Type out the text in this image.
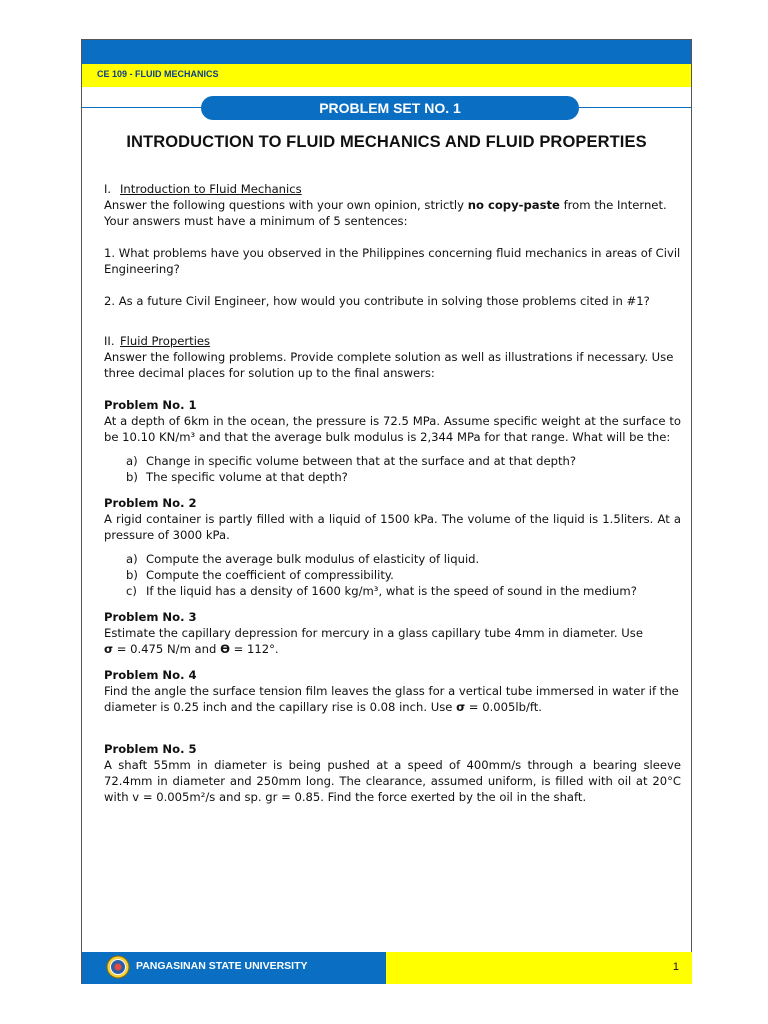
CE 109 - FLUID MECHANICS
PROBLEM SET NO. 1
INTRODUCTION TO FLUID MECHANICS AND FLUID PROPERTIES

I. Introduction to Fluid Mechanics

Answer the following questions with your own opinion, strictly no copy-paste from the Internet. Your answers must have a minimum of 5 sentences:

1. What problems have you observed in the Philippines concerning fluid mechanics in areas of Civil Engineering?

2. As a future Civil Engineer, how would you contribute in solving those problems cited in #1?

II. Fluid Properties

Answer the following problems. Provide complete solution as well as illustrations if necessary. Use three decimal places for solution up to the final answers:

Problem No. 1

At a depth of 6km in the ocean, the pressure is 72.5 MPa. Assume specific weight at the surface to be 10.10 KN/m³ and that the average bulk modulus is 2,344 MPa for that range. What will be the:

a) Change in specific volume between that at the surface and at that depth?
b) The specific volume at that depth?

Problem No. 2

A rigid container is partly filled with a liquid of 1500 kPa. The volume of the liquid is 1.5liters. At a pressure of 3000 kPa.

a) Compute the average bulk modulus of elasticity of liquid.
b) Compute the coefficient of compressibility.
c) If the liquid has a density of 1600 kg/m³, what is the speed of sound in the medium?

Problem No. 3

Estimate the capillary depression for mercury in a glass capillary tube 4mm in diameter. Use

σ = 0.475 N/m and ϴ = 112°.

Problem No. 4

Find the angle the surface tension film leaves the glass for a vertical tube immersed in water if the diameter is 0.25 inch and the capillary rise is 0.08 inch. Use σ = 0.005lb/ft.

Problem No. 5

A shaft 55mm in diameter is being pushed at a speed of 400mm/s through a bearing sleeve 72.4mm in diameter and 250mm long. The clearance, assumed uniform, is filled with oil at 20°C with v = 0.005m²/s and sp. gr = 0.85. Find the force exerted by the oil in the shaft.

PANGASINAN STATE UNIVERSITY	1
